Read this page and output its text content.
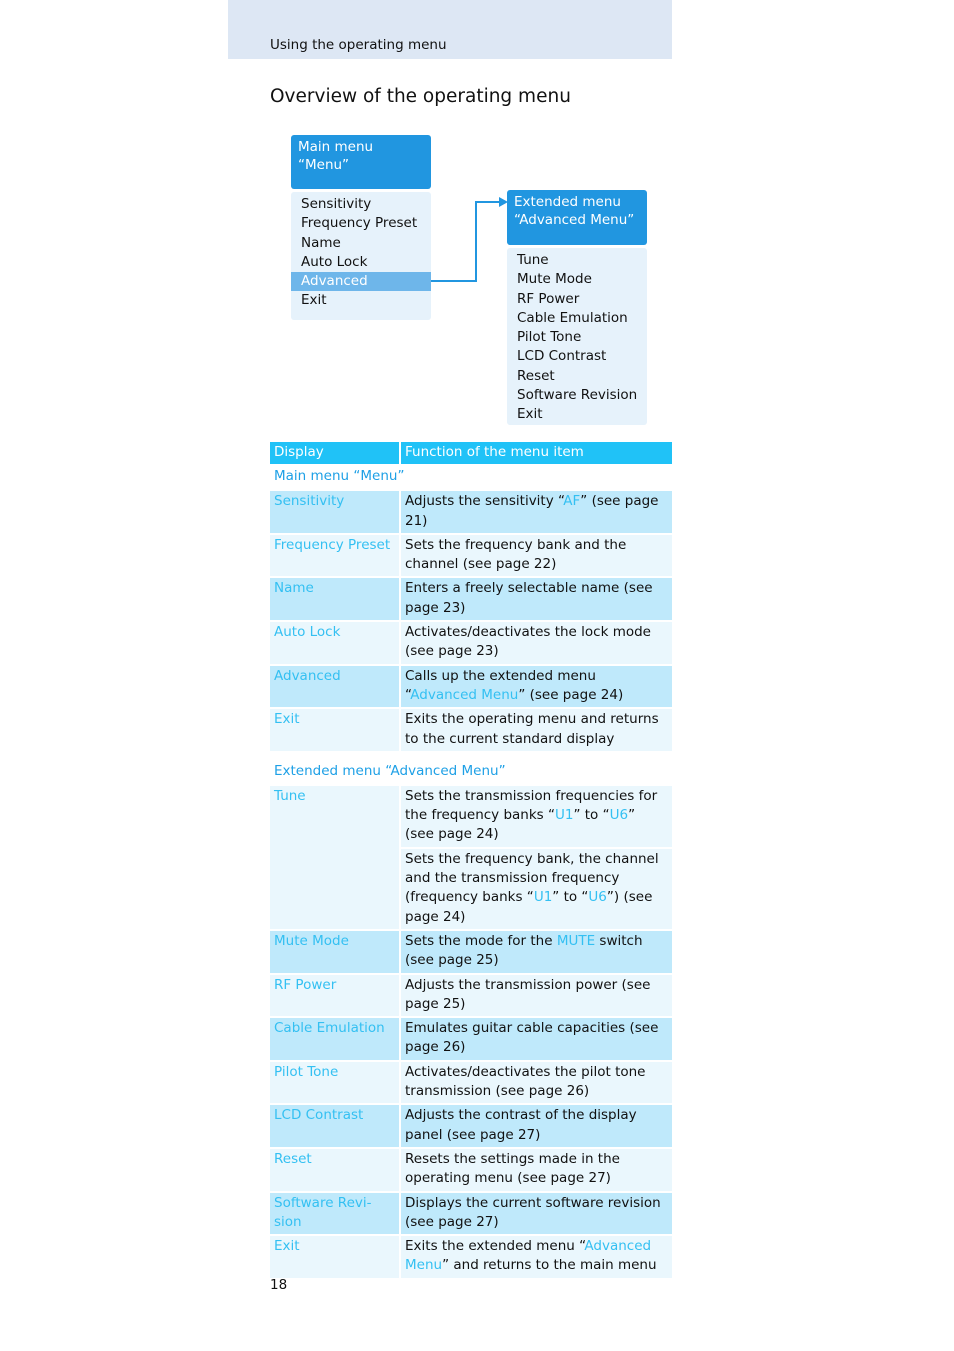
Using the operating menu
Overview of the operating menu
Main menu
“Menu”
Sensitivity
Frequency Preset
Name
Auto Lock
Advanced
Exit
Extended menu
“Advanced Menu”
Tune
Mute Mode
RF Power
Cable Emulation
Pilot Tone
LCD Contrast
Reset
Software Revision
Exit
Display	Function of the menu item
Main menu “Menu”	
Sensitivity	Adjusts the sensitivity “AF” (see page 21)
Frequency Preset	Sets the frequency bank and the channel (see page 22)
Name	Enters a freely selectable name (see page 23)
Auto Lock	Activates/deactivates the lock mode (see page 23)
Advanced	Calls up the extended menu “Advanced Menu” (see page 24)
Exit	Exits the operating menu and returns to the current standard display

Extended menu “Advanced Menu”	
Tune	Sets the transmission frequencies for the frequency banks “U1” to “U6” (see page 24)
	Sets the frequency bank, the channel and the transmission frequency (frequency banks “U1” to “U6”) (see page 24)
Mute Mode	Sets the mode for the MUTE switch (see page 25)
RF Power	Adjusts the transmission power (see page 25)
Cable Emulation	Emulates guitar cable capacities (see page 26)
Pilot Tone	Activates/deactivates the pilot tone transmission (see page 26)
LCD Contrast	Adjusts the contrast of the display panel (see page 27)
Reset	Resets the settings made in the operating menu (see page 27)
Software Revi-sion	Displays the current software revision (see page 27)
Exit	Exits the extended menu “Advanced Menu” and returns to the main menu
18
